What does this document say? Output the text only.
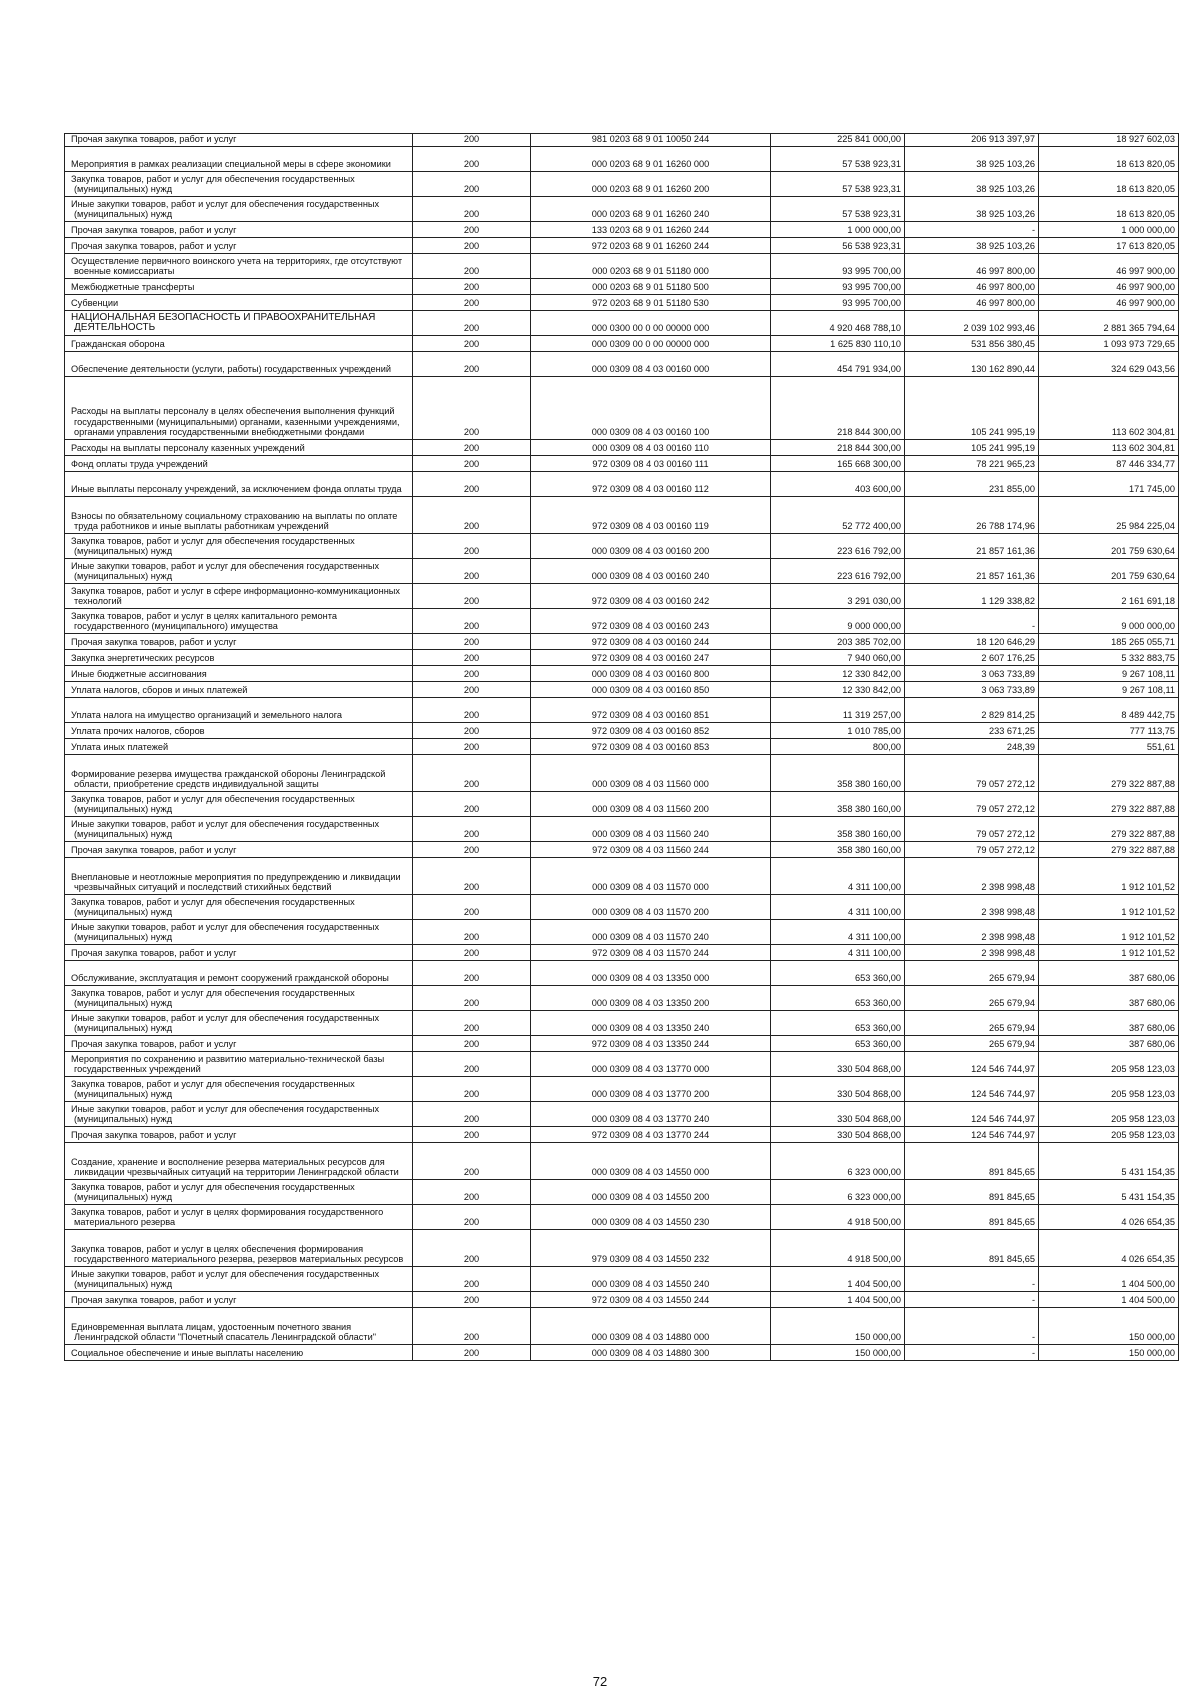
Прочая закупка товаров, работ и услуг	200	981 0203 68 9 01 10050 244	225 841 000,00	206 913 397,97	18 927 602,03

Мероприятия в рамках реализации специальной меры в сфере экономики	200	000 0203 68 9 01 16260 000	57 538 923,31	38 925 103,26	18 613 820,05

Закупка товаров, работ и услуг для обеспечения государственных (муниципальных) нужд	200	000 0203 68 9 01 16260 200	57 538 923,31	38 925 103,26	18 613 820,05

Иные закупки товаров, работ и услуг для обеспечения государственных (муниципальных) нужд	200	000 0203 68 9 01 16260 240	57 538 923,31	38 925 103,26	18 613 820,05

Прочая закупка товаров, работ и услуг	200	133 0203 68 9 01 16260 244	1 000 000,00	-	1 000 000,00

Прочая закупка товаров, работ и услуг	200	972 0203 68 9 01 16260 244	56 538 923,31	38 925 103,26	17 613 820,05

Осуществление первичного воинского учета на территориях, где отсутствуют военные комиссариаты	200	000 0203 68 9 01 51180 000	93 995 700,00	46 997 800,00	46 997 900,00

Межбюджетные трансферты	200	000 0203 68 9 01 51180 500	93 995 700,00	46 997 800,00	46 997 900,00

Субвенции	200	972 0203 68 9 01 51180 530	93 995 700,00	46 997 800,00	46 997 900,00

НАЦИОНАЛЬНАЯ БЕЗОПАСНОСТЬ И ПРАВООХРАНИТЕЛЬНАЯ ДЕЯТЕЛЬНОСТЬ	200	000 0300 00 0 00 00000 000	4 920 468 788,10	2 039 102 993,46	2 881 365 794,64

Гражданская оборона	200	000 0309 00 0 00 00000 000	1 625 830 110,10	531 856 380,45	1 093 973 729,65

Обеспечение деятельности (услуги, работы) государственных учреждений	200	000 0309 08 4 03 00160 000	454 791 934,00	130 162 890,44	324 629 043,56

Расходы на выплаты персоналу в целях обеспечения выполнения функций государственными (муниципальными) органами, казенными учреждениями, органами управления государственными внебюджетными фондами	200	000 0309 08 4 03 00160 100	218 844 300,00	105 241 995,19	113 602 304,81

Расходы на выплаты персоналу казенных учреждений	200	000 0309 08 4 03 00160 110	218 844 300,00	105 241 995,19	113 602 304,81

Фонд оплаты труда учреждений	200	972 0309 08 4 03 00160 111	165 668 300,00	78 221 965,23	87 446 334,77

Иные выплаты персоналу учреждений, за исключением фонда оплаты труда	200	972 0309 08 4 03 00160 112	403 600,00	231 855,00	171 745,00

Взносы по обязательному социальному страхованию на выплаты по оплате труда работников и иные выплаты работникам учреждений	200	972 0309 08 4 03 00160 119	52 772 400,00	26 788 174,96	25 984 225,04

Закупка товаров, работ и услуг для обеспечения государственных (муниципальных) нужд	200	000 0309 08 4 03 00160 200	223 616 792,00	21 857 161,36	201 759 630,64

Иные закупки товаров, работ и услуг для обеспечения государственных (муниципальных) нужд	200	000 0309 08 4 03 00160 240	223 616 792,00	21 857 161,36	201 759 630,64

Закупка товаров, работ и услуг в сфере информационно-коммуникационных технологий	200	972 0309 08 4 03 00160 242	3 291 030,00	1 129 338,82	2 161 691,18

Закупка товаров, работ и услуг в целях капитального ремонта государственного (муниципального) имущества	200	972 0309 08 4 03 00160 243	9 000 000,00	-	9 000 000,00

Прочая закупка товаров, работ и услуг	200	972 0309 08 4 03 00160 244	203 385 702,00	18 120 646,29	185 265 055,71

Закупка энергетических ресурсов	200	972 0309 08 4 03 00160 247	7 940 060,00	2 607 176,25	5 332 883,75

Иные бюджетные ассигнования	200	000 0309 08 4 03 00160 800	12 330 842,00	3 063 733,89	9 267 108,11

Уплата налогов, сборов и иных платежей	200	000 0309 08 4 03 00160 850	12 330 842,00	3 063 733,89	9 267 108,11

Уплата налога на имущество организаций и земельного налога	200	972 0309 08 4 03 00160 851	11 319 257,00	2 829 814,25	8 489 442,75

Уплата прочих налогов, сборов	200	972 0309 08 4 03 00160 852	1 010 785,00	233 671,25	777 113,75

Уплата иных платежей	200	972 0309 08 4 03 00160 853	800,00	248,39	551,61

Формирование резерва имущества гражданской обороны Ленинградской области, приобретение средств индивидуальной защиты	200	000 0309 08 4 03 11560 000	358 380 160,00	79 057 272,12	279 322 887,88

Закупка товаров, работ и услуг для обеспечения государственных (муниципальных) нужд	200	000 0309 08 4 03 11560 200	358 380 160,00	79 057 272,12	279 322 887,88

Иные закупки товаров, работ и услуг для обеспечения государственных (муниципальных) нужд	200	000 0309 08 4 03 11560 240	358 380 160,00	79 057 272,12	279 322 887,88

Прочая закупка товаров, работ и услуг	200	972 0309 08 4 03 11560 244	358 380 160,00	79 057 272,12	279 322 887,88

Внеплановые и неотложные мероприятия по предупреждению и ликвидации чрезвычайных ситуаций и последствий стихийных бедствий	200	000 0309 08 4 03 11570 000	4 311 100,00	2 398 998,48	1 912 101,52

Закупка товаров, работ и услуг для обеспечения государственных (муниципальных) нужд	200	000 0309 08 4 03 11570 200	4 311 100,00	2 398 998,48	1 912 101,52

Иные закупки товаров, работ и услуг для обеспечения государственных (муниципальных) нужд	200	000 0309 08 4 03 11570 240	4 311 100,00	2 398 998,48	1 912 101,52

Прочая закупка товаров, работ и услуг	200	972 0309 08 4 03 11570 244	4 311 100,00	2 398 998,48	1 912 101,52

Обслуживание, эксплуатация и ремонт сооружений гражданской обороны	200	000 0309 08 4 03 13350 000	653 360,00	265 679,94	387 680,06

Закупка товаров, работ и услуг для обеспечения государственных (муниципальных) нужд	200	000 0309 08 4 03 13350 200	653 360,00	265 679,94	387 680,06

Иные закупки товаров, работ и услуг для обеспечения государственных (муниципальных) нужд	200	000 0309 08 4 03 13350 240	653 360,00	265 679,94	387 680,06

Прочая закупка товаров, работ и услуг	200	972 0309 08 4 03 13350 244	653 360,00	265 679,94	387 680,06

Мероприятия по сохранению и развитию материально-технической базы государственных учреждений	200	000 0309 08 4 03 13770 000	330 504 868,00	124 546 744,97	205 958 123,03

Закупка товаров, работ и услуг для обеспечения государственных (муниципальных) нужд	200	000 0309 08 4 03 13770 200	330 504 868,00	124 546 744,97	205 958 123,03

Иные закупки товаров, работ и услуг для обеспечения государственных (муниципальных) нужд	200	000 0309 08 4 03 13770 240	330 504 868,00	124 546 744,97	205 958 123,03

Прочая закупка товаров, работ и услуг	200	972 0309 08 4 03 13770 244	330 504 868,00	124 546 744,97	205 958 123,03

Создание, хранение и восполнение резерва материальных ресурсов для ликвидации чрезвычайных ситуаций на территории Ленинградской области	200	000 0309 08 4 03 14550 000	6 323 000,00	891 845,65	5 431 154,35

Закупка товаров, работ и услуг для обеспечения государственных (муниципальных) нужд	200	000 0309 08 4 03 14550 200	6 323 000,00	891 845,65	5 431 154,35

Закупка товаров, работ и услуг в целях формирования государственного материального резерва	200	000 0309 08 4 03 14550 230	4 918 500,00	891 845,65	4 026 654,35

Закупка товаров, работ и услуг в целях обеспечения формирования государственного материального резерва, резервов материальных ресурсов	200	979 0309 08 4 03 14550 232	4 918 500,00	891 845,65	4 026 654,35

Иные закупки товаров, работ и услуг для обеспечения государственных (муниципальных) нужд	200	000 0309 08 4 03 14550 240	1 404 500,00	-	1 404 500,00

Прочая закупка товаров, работ и услуг	200	972 0309 08 4 03 14550 244	1 404 500,00	-	1 404 500,00

Единовременная выплата лицам, удостоенным почетного звания Ленинградской области "Почетный спасатель Ленинградской области"	200	000 0309 08 4 03 14880 000	150 000,00	-	150 000,00

Социальное обеспечение и иные выплаты населению	200	000 0309 08 4 03 14880 300	150 000,00	-	150 000,00
72
